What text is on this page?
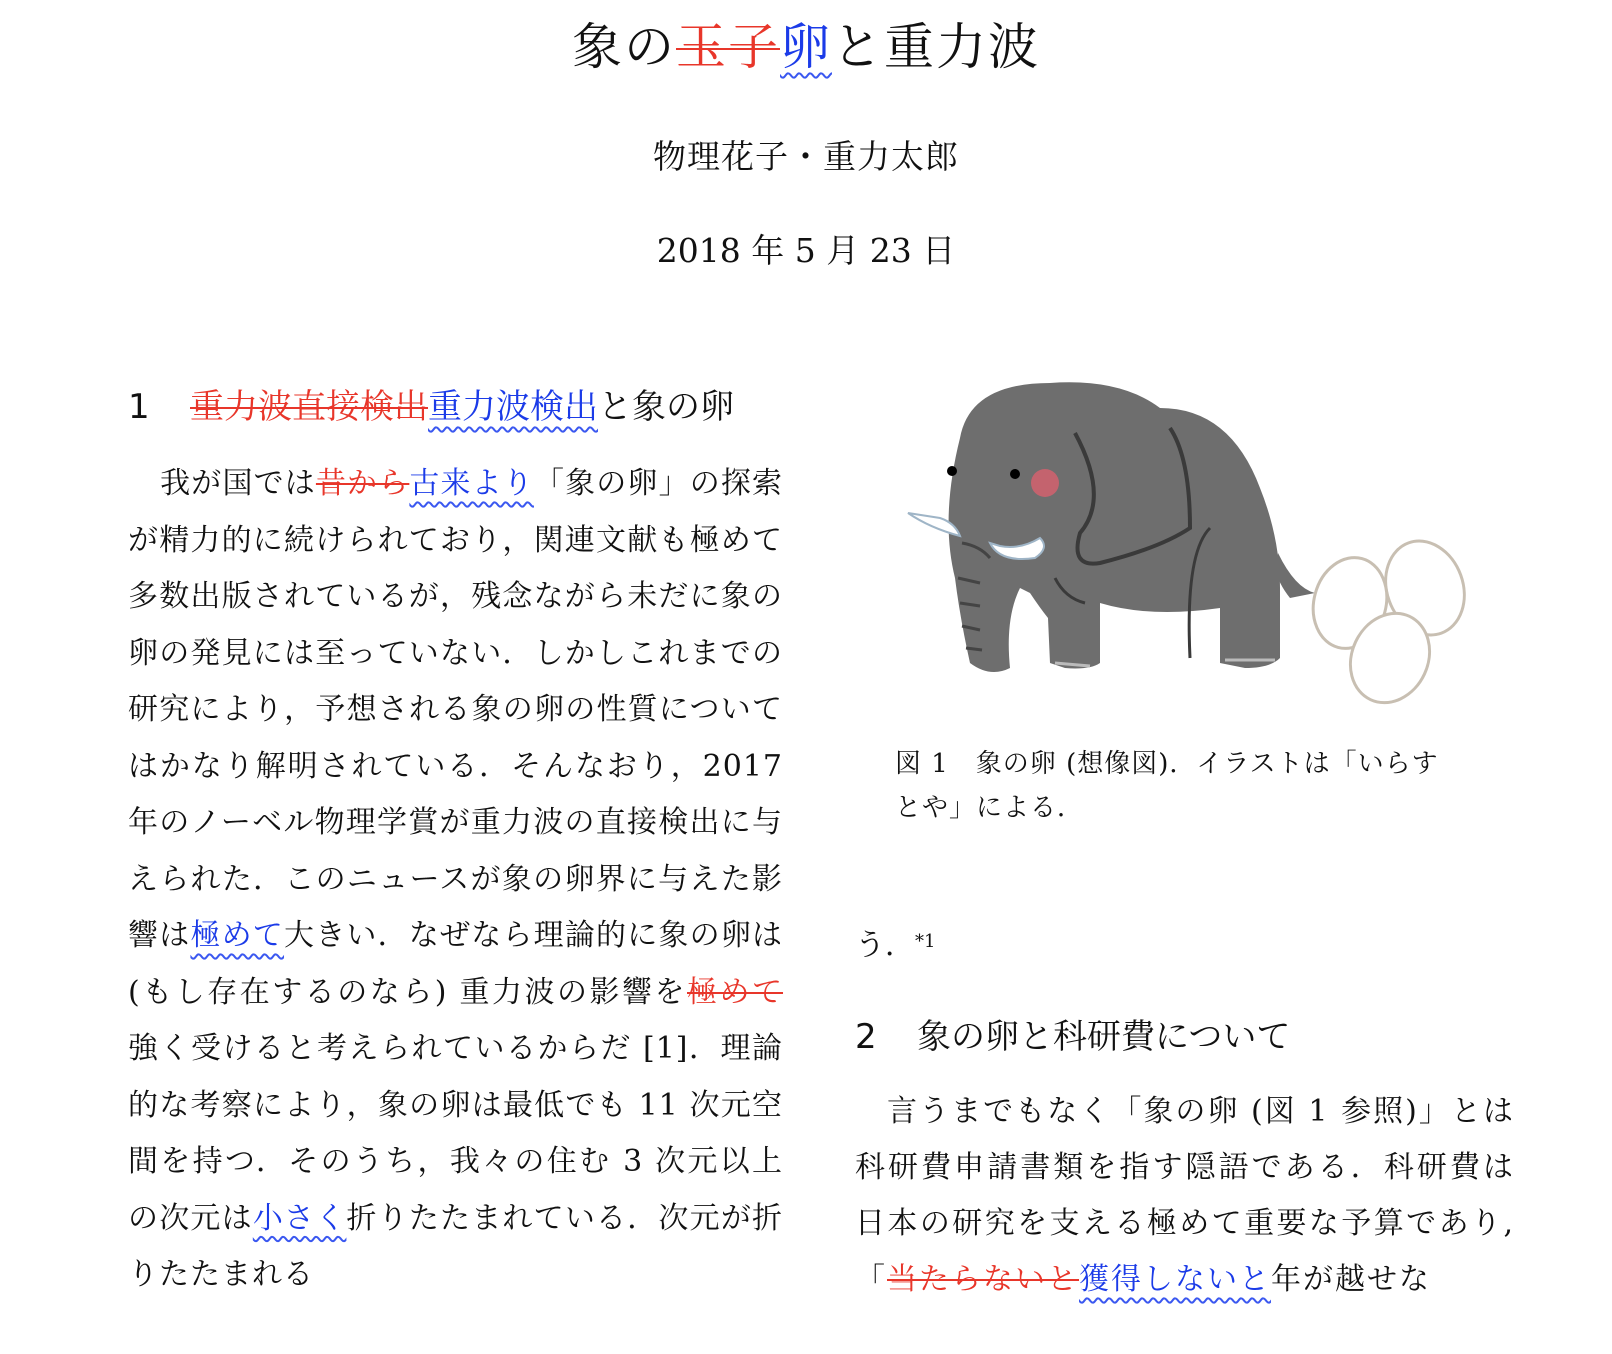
象の玉子卵と重力波
物理花子・重力太郎
2018 年 5 月 23 日
1	重力波直接検出重力波検出と象の卵
我が国では昔から古来より「象の卵」の探索が精力的に続けられており，関連文献も極めて多数出版されているが，残念ながら未だに象の卵の発見には至っていない．しかしこれまでの研究により，予想される象の卵の性質についてはかなり解明されている．そんなおり，2017 年のノーベル物理学賞が重力波の直接検出に与えられた．このニュースが象の卵界に与えた影響は極めて大きい．なぜなら理論的に象の卵は (もし存在するのなら) 重力波の影響を極めて強く受けると考えられているからだ [1]．理論的な考察により，象の卵は最低でも 11 次元空間を持つ．そのうち，我々の住む 3 次元以上の次元は小さく折りたたまれている．次元が折りたたまれる
図 1　象の卵 (想像図)．イラストは「いらすとや」による．
う．$^{*1}$
2	象の卵と科研費について
言うまでもなく「象の卵 (図 1 参照)」とは科研費申請書類を指す隠語である．科研費は日本の研究を支える極めて重要な予算であり,「当たらないと獲得しないと年が越せな
